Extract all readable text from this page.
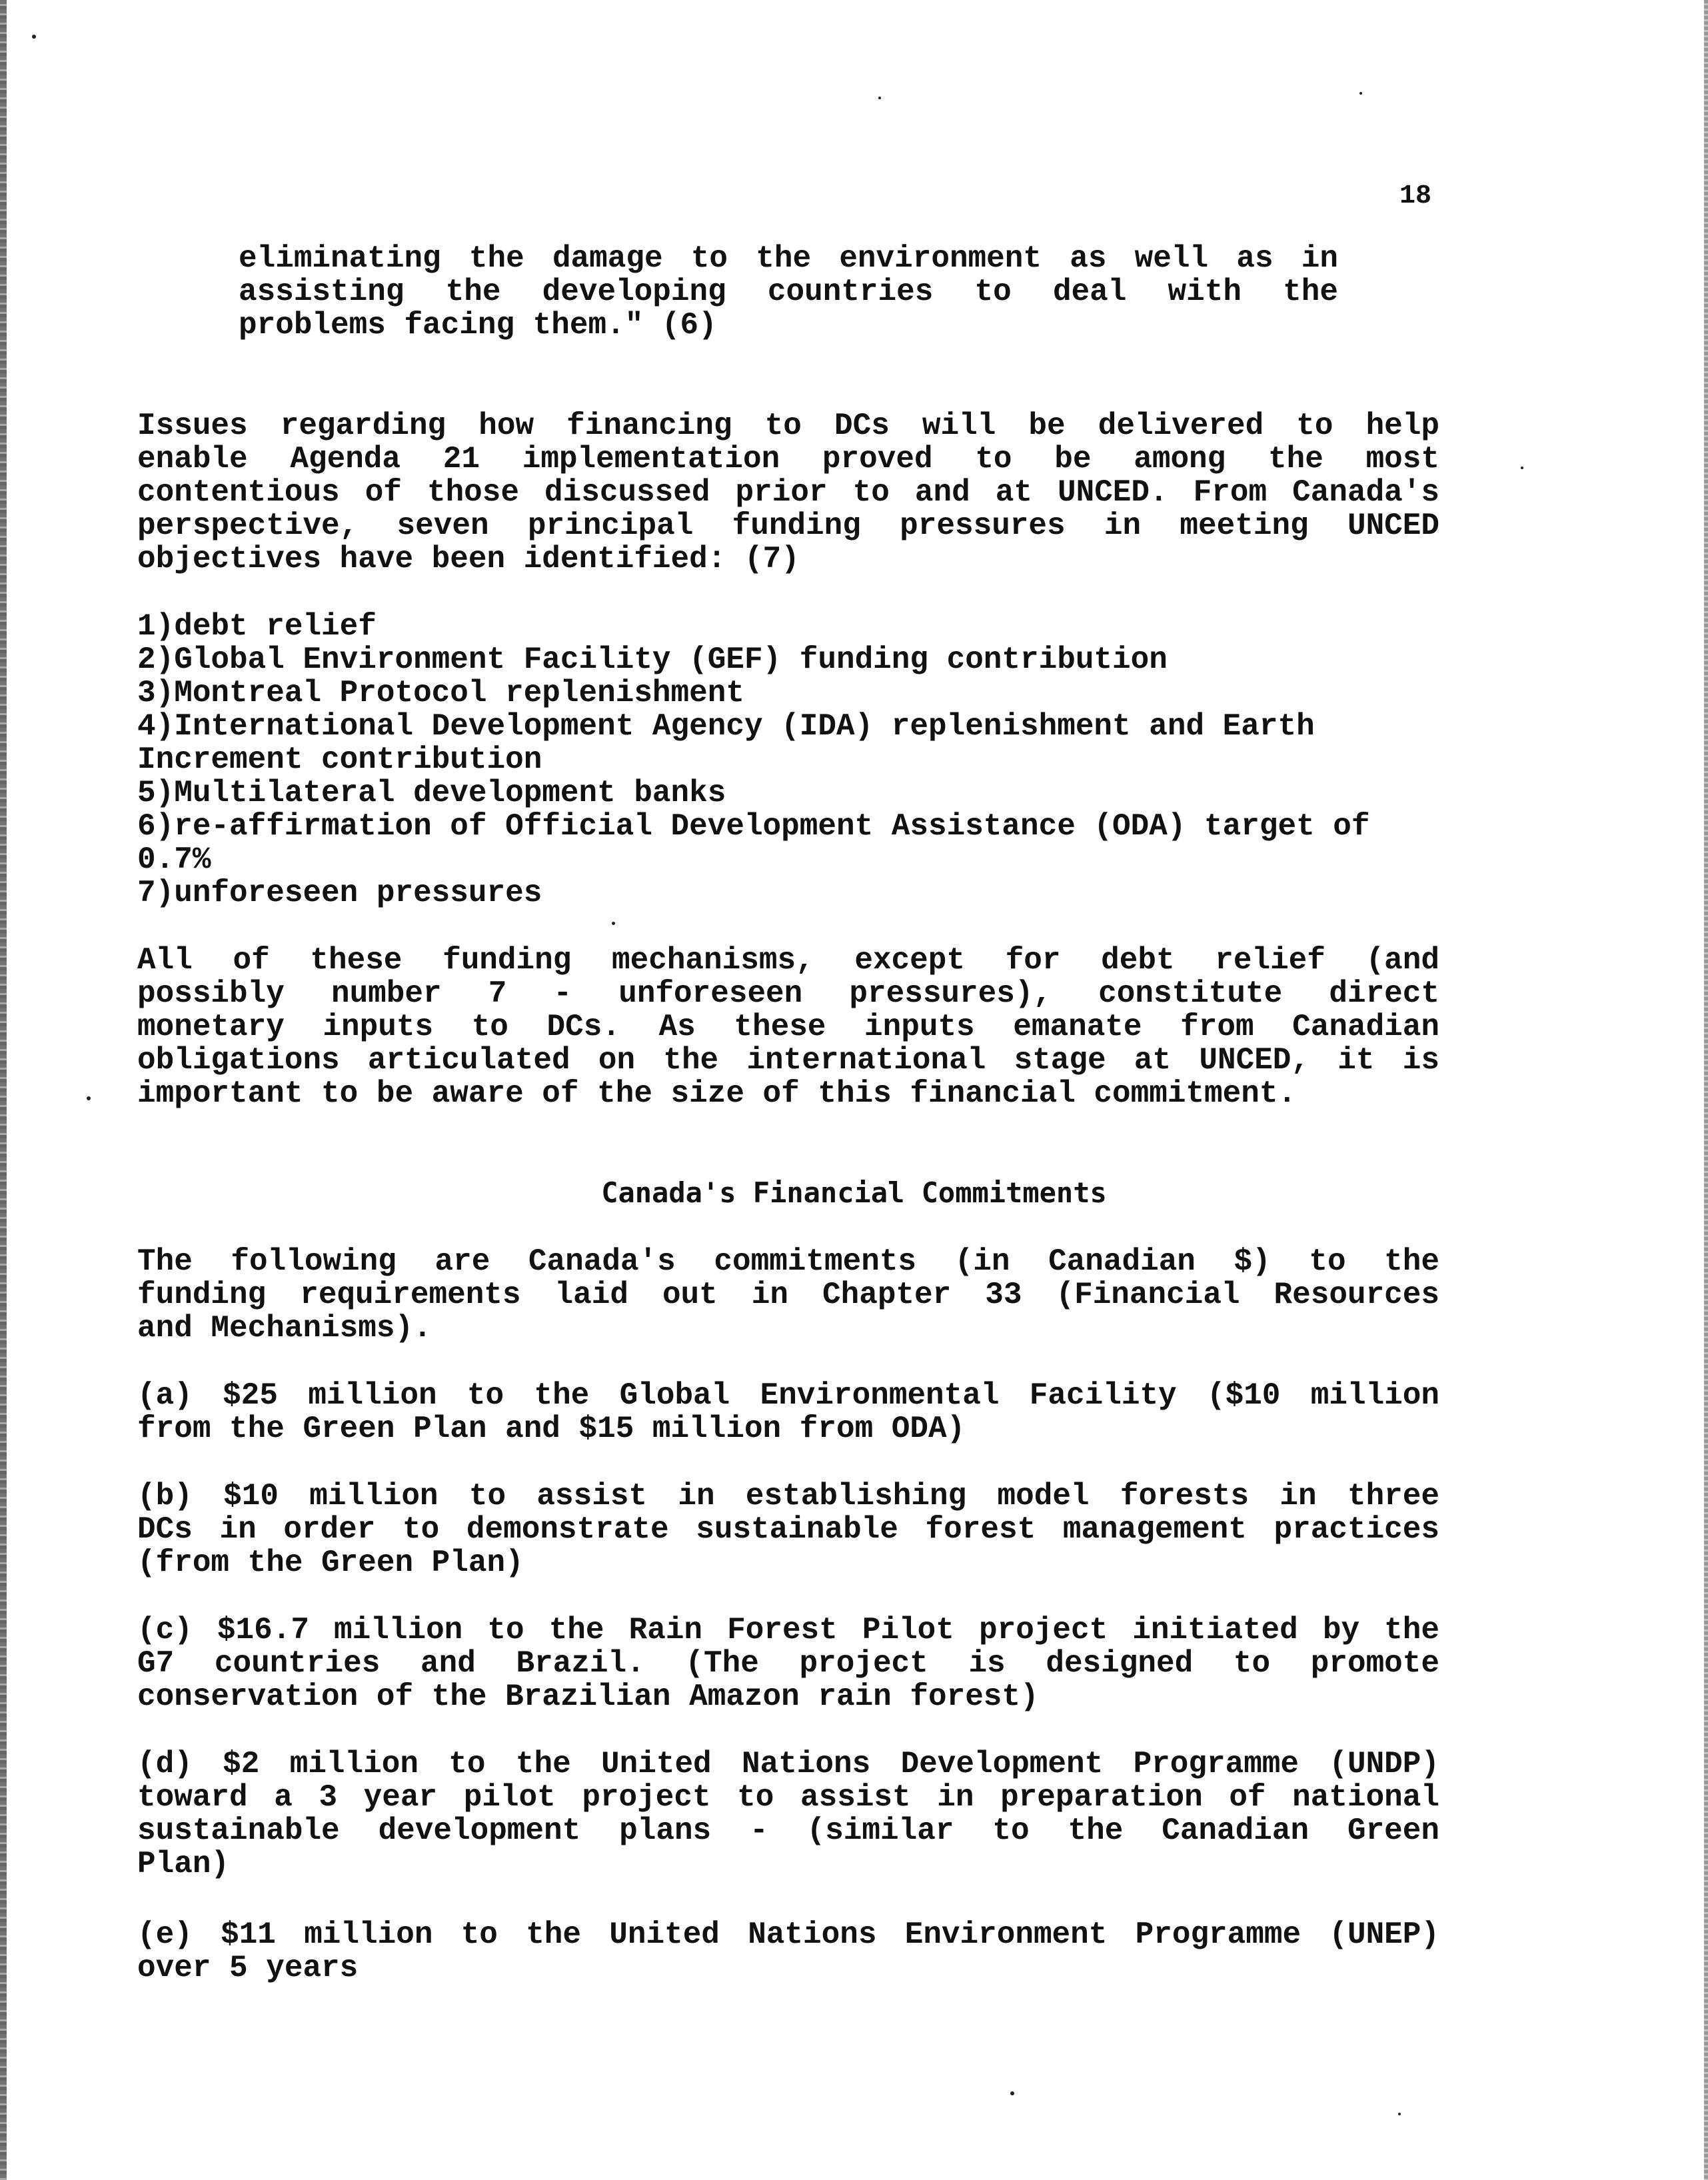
18

eliminating the damage to the environment as well as in
assisting the developing countries to deal with the
problems facing them." (6)

Issues regarding how financing to DCs will be delivered to help
enable Agenda 21 implementation proved to be among the most
contentious of those discussed prior to and at UNCED. From Canada's
perspective, seven principal funding pressures in meeting UNCED
objectives have been identified: (7)

1)debt relief
2)Global Environment Facility (GEF) funding contribution
3)Montreal Protocol replenishment
4)International Development Agency (IDA) replenishment and Earth
Increment contribution
5)Multilateral development banks
6)re-affirmation of Official Development Assistance (ODA) target of
0.7%
7)unforeseen pressures

All of these funding mechanisms, except for debt relief (and
possibly number 7 - unforeseen pressures), constitute direct
monetary inputs to DCs. As these inputs emanate from Canadian
obligations articulated on the international stage at UNCED, it is
important to be aware of the size of this financial commitment.

Canada's Financial Commitments

The following are Canada's commitments (in Canadian $) to the
funding requirements laid out in Chapter 33 (Financial Resources
and Mechanisms).

(a) $25 million to the Global Environmental Facility ($10 million
from the Green Plan and $15 million from ODA)

(b) $10 million to assist in establishing model forests in three
DCs in order to demonstrate sustainable forest management practices
(from the Green Plan)

(c) $16.7 million to the Rain Forest Pilot project initiated by the
G7 countries and Brazil. (The project is designed to promote
conservation of the Brazilian Amazon rain forest)

(d) $2 million to the United Nations Development Programme (UNDP)
toward a 3 year pilot project to assist in preparation of national
sustainable development plans - (similar to the Canadian Green
Plan)

(e) $11 million to the United Nations Environment Programme (UNEP)
over 5 years
